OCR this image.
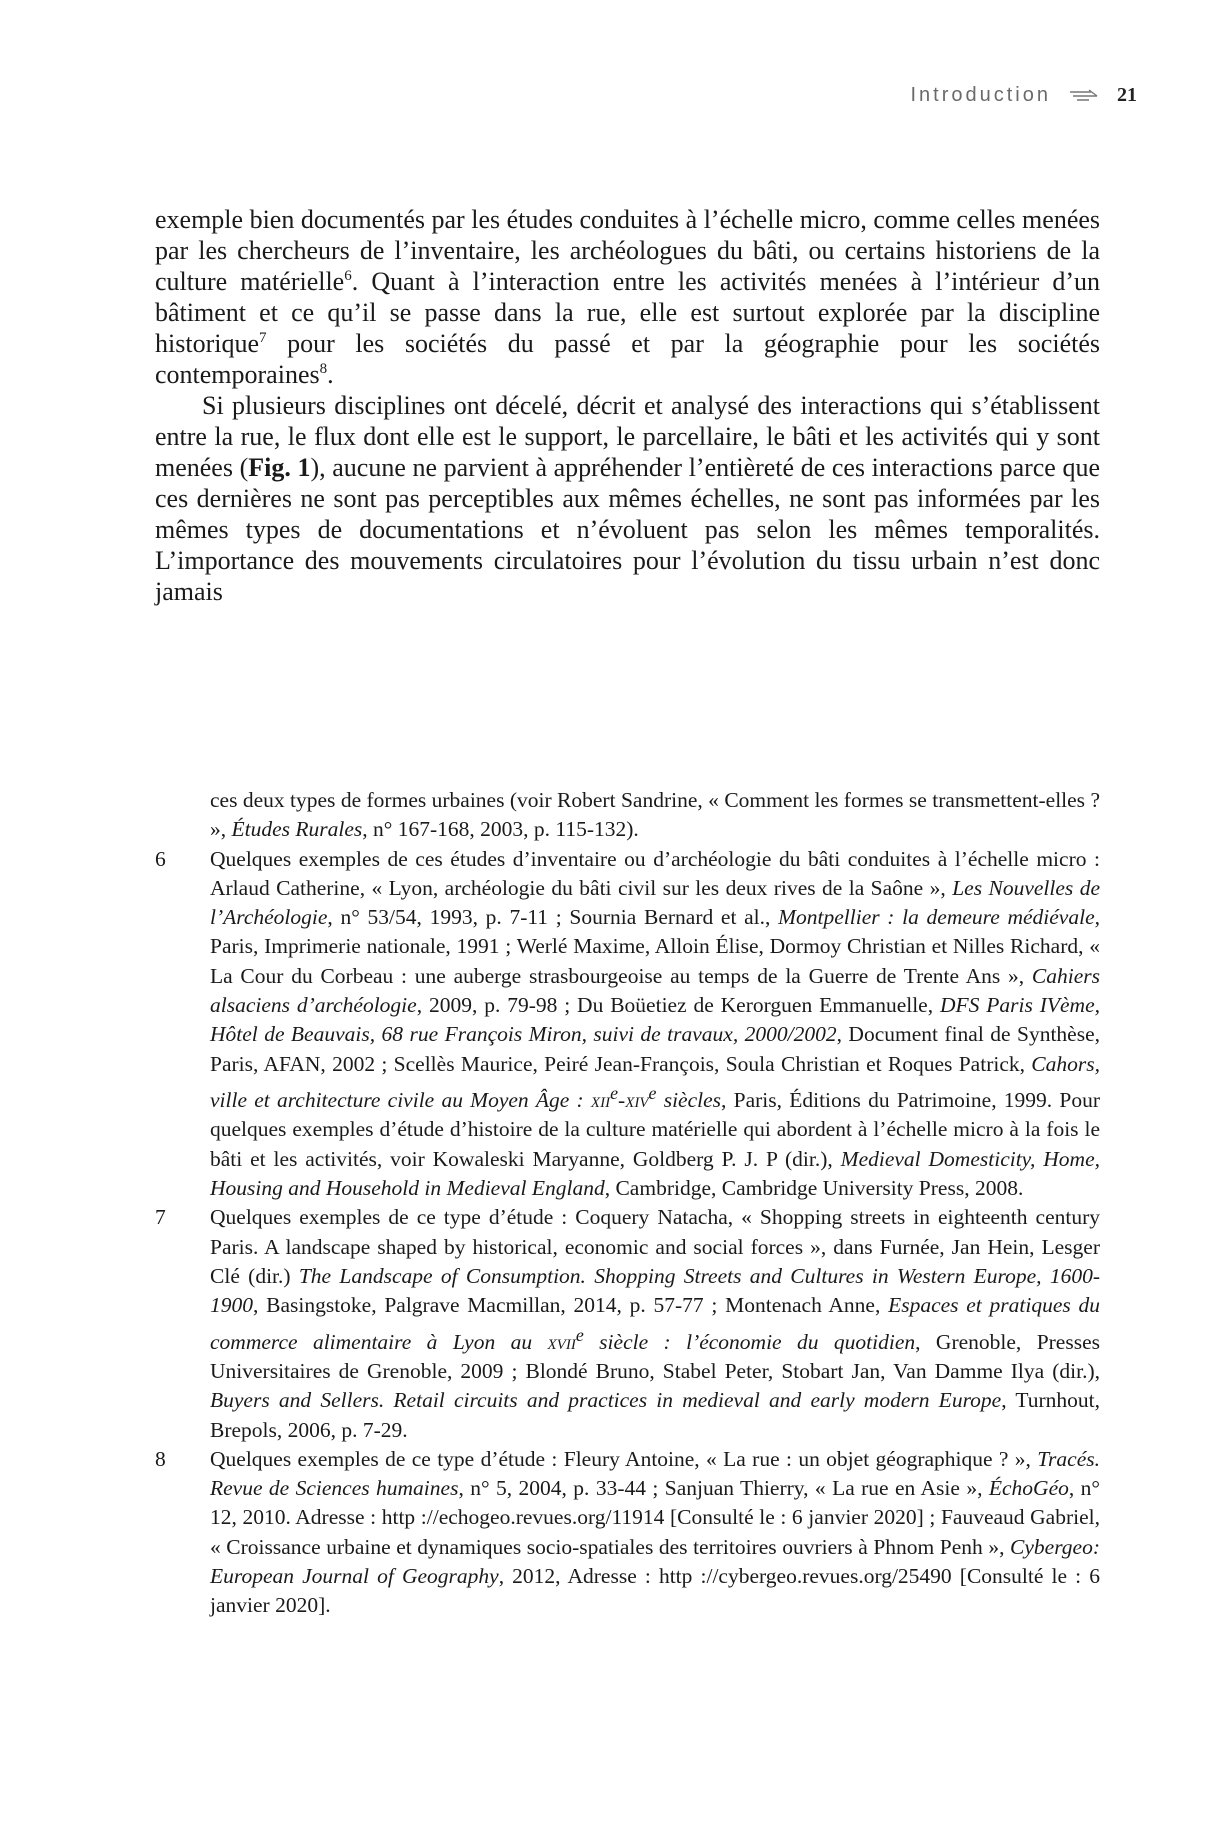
Introduction	21

exemple bien documentés par les études conduites à l’échelle micro, comme celles menées par les chercheurs de l’inventaire, les archéologues du bâti, ou certains historiens de la culture matérielle$^6$. Quant à l’interaction entre les activités menées à l’intérieur d’un bâtiment et ce qu’il se passe dans la rue, elle est surtout explorée par la discipline historique$^7$ pour les sociétés du passé et par la géographie pour les sociétés contemporaines$^8$.

Si plusieurs disciplines ont décelé, décrit et analysé des interactions qui s’établissent entre la rue, le flux dont elle est le support, le parcellaire, le bâti et les activités qui y sont menées (Fig. 1), aucune ne parvient à appréhender l’entièreté de ces interactions parce que ces dernières ne sont pas perceptibles aux mêmes échelles, ne sont pas informées par les mêmes types de documentations et n’évoluent pas selon les mêmes temporalités. L’importance des mouvements circulatoires pour l’évolution du tissu urbain n’est donc jamais

ces deux types de formes urbaines (voir Robert Sandrine, « Comment les formes se transmettent-elles ? », Études Rurales, n° 167-168, 2003, p. 115-132).
6 Quelques exemples de ces études d’inventaire ou d’archéologie du bâti conduites à l’échelle micro : Arlaud Catherine, « Lyon, archéologie du bâti civil sur les deux rives de la Saône », Les Nouvelles de l’Archéologie, n° 53/54, 1993, p. 7-11 ; Sournia Bernard et al., Montpellier : la demeure médiévale, Paris, Imprimerie nationale, 1991 ; Werlé Maxime, Alloin Élise, Dormoy Christian et Nilles Richard, « La Cour du Corbeau : une auberge strasbourgeoise au temps de la Guerre de Trente Ans », Cahiers alsaciens d’archéologie, 2009, p. 79-98 ; Du Boüetiez de Kerorguen Emmanuelle, DFS Paris IVème, Hôtel de Beauvais, 68 rue François Miron, suivi de travaux, 2000/2002, Document final de Synthèse, Paris, AFAN, 2002 ; Scellès Maurice, Peiré Jean-François, Soula Christian et Roques Patrick, Cahors, ville et architecture civile au Moyen Âge : xii$^e$-xiv$^e$ siècles, Paris, Éditions du Patrimoine, 1999. Pour quelques exemples d’étude d’histoire de la culture matérielle qui abordent à l’échelle micro à la fois le bâti et les activités, voir Kowaleski Maryanne, Goldberg P. J. P (dir.), Medieval Domesticity, Home, Housing and Household in Medieval England, Cambridge, Cambridge University Press, 2008.
7 Quelques exemples de ce type d’étude : Coquery Natacha, « Shopping streets in eighteenth century Paris. A landscape shaped by historical, economic and social forces », dans Furnée, Jan Hein, Lesger Clé (dir.) The Landscape of Consumption. Shopping Streets and Cultures in Western Europe, 1600-1900, Basingstoke, Palgrave Macmillan, 2014, p. 57-77 ; Montenach Anne, Espaces et pratiques du commerce alimentaire à Lyon au xvii$^e$ siècle : l’économie du quotidien, Grenoble, Presses Universitaires de Grenoble, 2009 ; Blondé Bruno, Stabel Peter, Stobart Jan, Van Damme Ilya (dir.), Buyers and Sellers. Retail circuits and practices in medieval and early modern Europe, Turnhout, Brepols, 2006, p. 7-29.
8 Quelques exemples de ce type d’étude : Fleury Antoine, « La rue : un objet géographique ? », Tracés. Revue de Sciences humaines, n° 5, 2004, p. 33-44 ; Sanjuan Thierry, « La rue en Asie », ÉchoGéo, n° 12, 2010. Adresse : http ://echogeo.revues.org/11914 [Consulté le : 6 janvier 2020] ; Fauveaud Gabriel, « Croissance urbaine et dynamiques socio-spatiales des territoires ouvriers à Phnom Penh », Cybergeo: European Journal of Geography, 2012, Adresse : http ://cybergeo.revues.org/25490 [Consulté le : 6 janvier 2020].
